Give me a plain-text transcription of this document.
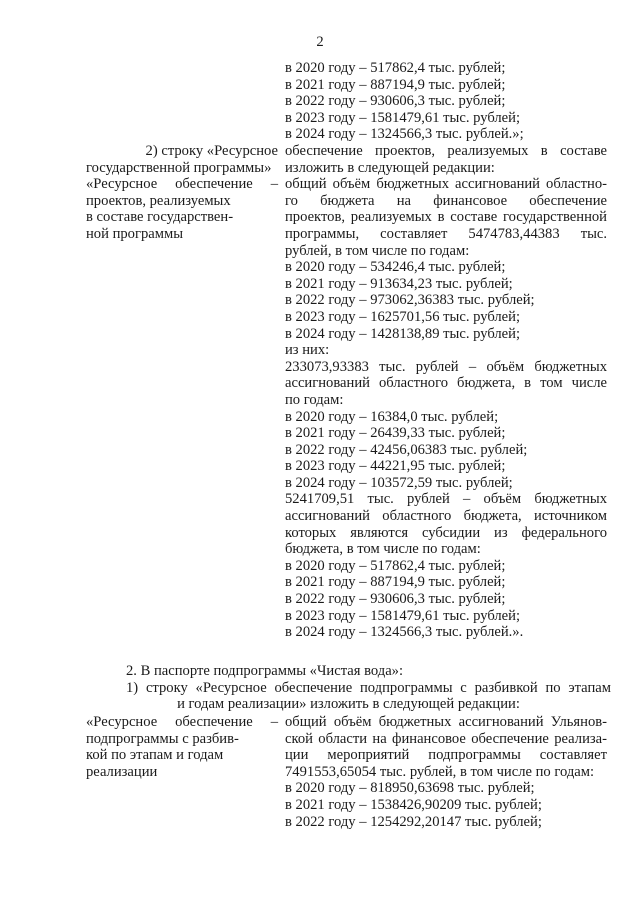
2
в 2020 году – 517862,4 тыс. рублей;
в 2021 году – 887194,9 тыс. рублей;
в 2022 году – 930606,3 тыс. рублей;
в 2023 году – 1581479,61 тыс. рублей;
в 2024 году – 1324566,3 тыс. рублей.»;
2) строку «Ресурсное
государственной программы»
«Ресурсное обеспечение –
проектов, реализуемых
в составе государствен-
ной программы
обеспечение проектов, реализуемых в составе
изложить в следующей редакции:
общий объём бюджетных ассигнований областно-
го бюджета на финансовое обеспечение
проектов, реализуемых в составе государственной
программы, составляет 5474783,44383 тыс.
рублей, в том числе по годам:
в 2020 году – 534246,4 тыс. рублей;
в 2021 году – 913634,23 тыс. рублей;
в 2022 году – 973062,36383 тыс. рублей;
в 2023 году – 1625701,56 тыс. рублей;
в 2024 году – 1428138,89 тыс. рублей;
из них:
233073,93383 тыс. рублей – объём бюджетных
ассигнований областного бюджета, в том числе
по годам:
в 2020 году – 16384,0 тыс. рублей;
в 2021 году – 26439,33 тыс. рублей;
в 2022 году – 42456,06383 тыс. рублей;
в 2023 году – 44221,95 тыс. рублей;
в 2024 году – 103572,59 тыс. рублей;
5241709,51 тыс. рублей – объём бюджетных
ассигнований областного бюджета, источником
которых являются субсидии из федерального
бюджета, в том числе по годам:
в 2020 году – 517862,4 тыс. рублей;
в 2021 году – 887194,9 тыс. рублей;
в 2022 году – 930606,3 тыс. рублей;
в 2023 году – 1581479,61 тыс. рублей;
в 2024 году – 1324566,3 тыс. рублей.».
2. В паспорте подпрограммы «Чистая вода»:
1) строку «Ресурсное обеспечение подпрограммы с разбивкой по этапам
и годам реализации» изложить в следующей редакции:
«Ресурсное обеспечение –
подпрограммы с разбив-
кой по этапам и годам
реализации
общий объём бюджетных ассигнований Ульянов-
ской области на финансовое обеспечение реализа-
ции мероприятий подпрограммы составляет
7491553,65054 тыс. рублей, в том числе по годам:
в 2020 году – 818950,63698 тыс. рублей;
в 2021 году – 1538426,90209 тыс. рублей;
в 2022 году – 1254292,20147 тыс. рублей;
